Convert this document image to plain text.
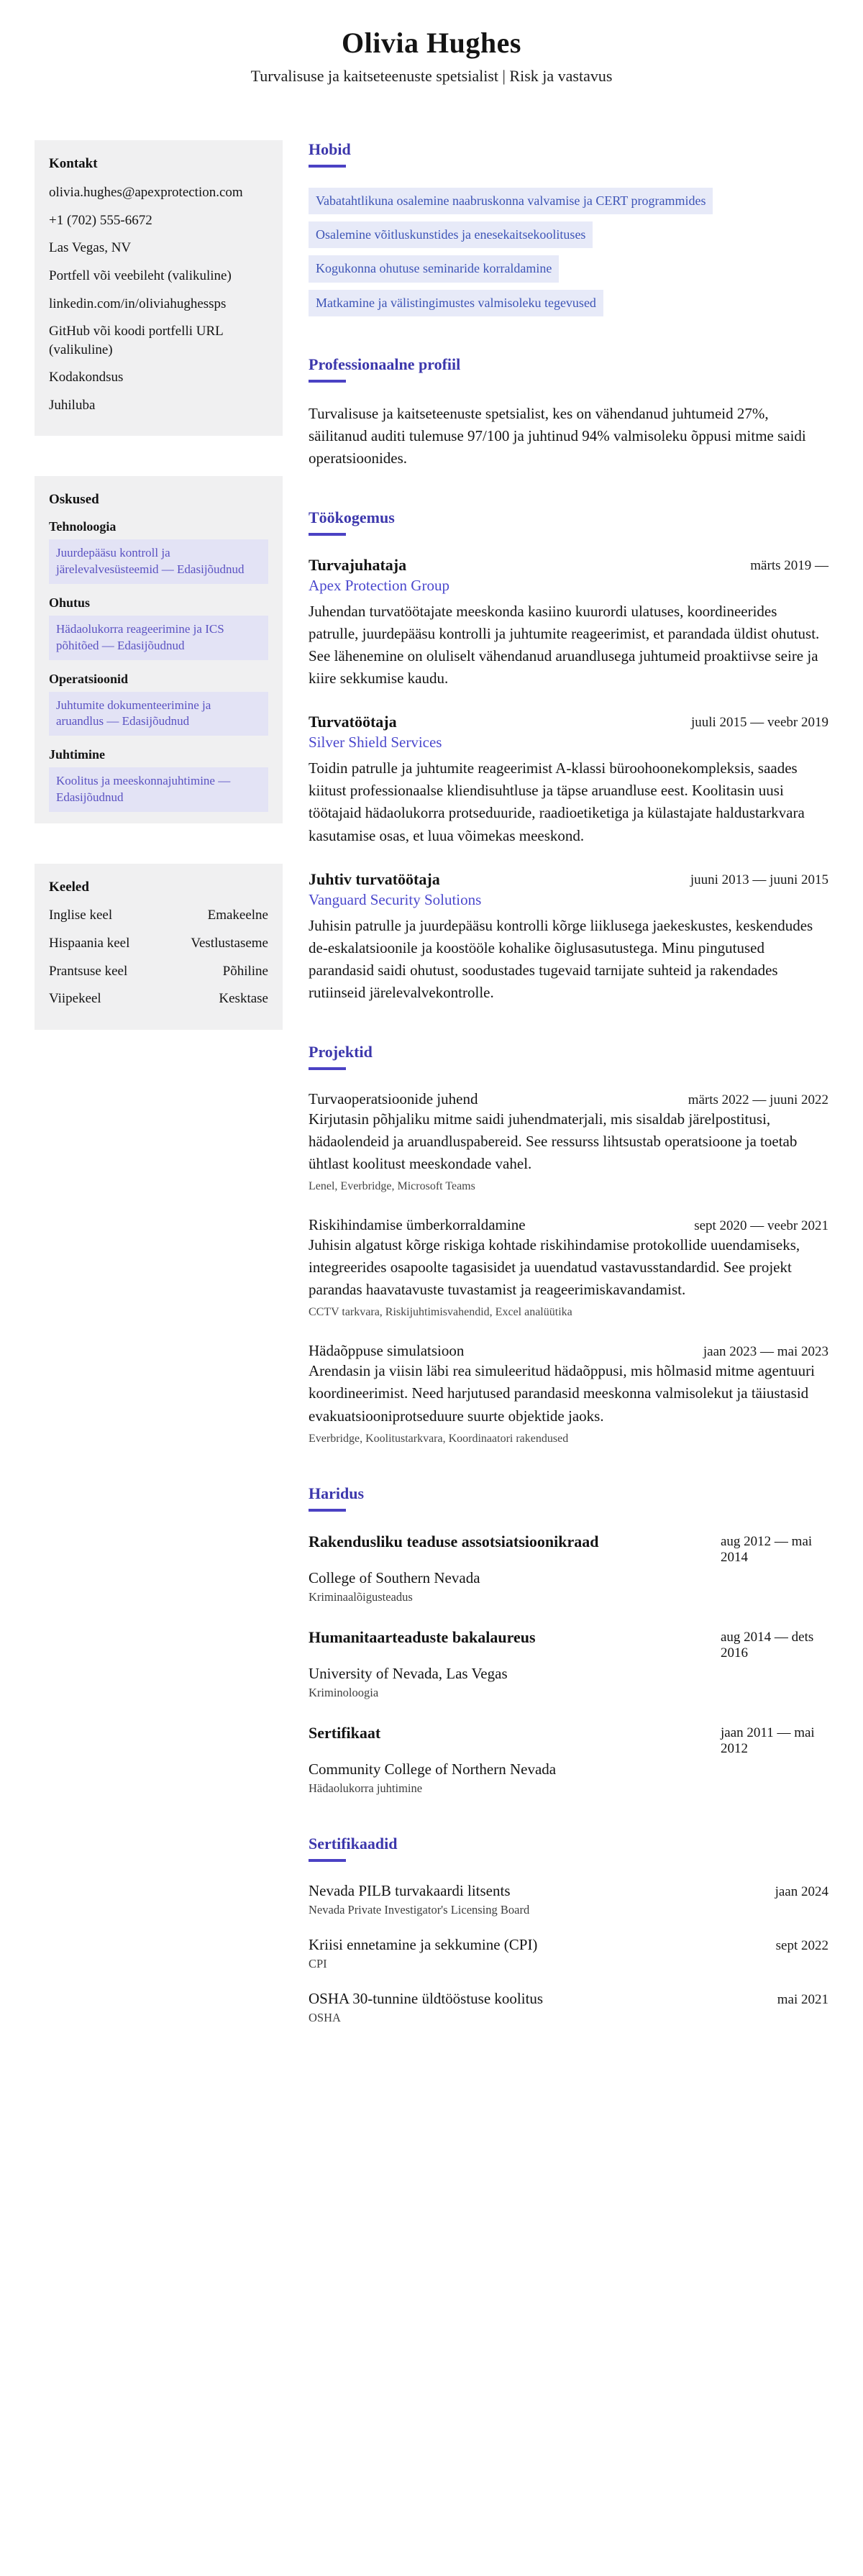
Olivia Hughes
Turvalisuse ja kaitseteenuste spetsialist | Risk ja vastavus
Kontakt
olivia.hughes@apexprotection.com
+1 (702) 555-6672
Las Vegas, NV
Portfell või veebileht (valikuline)
linkedin.com/in/oliviahughessps
GitHub või koodi portfelli URL (valikuline)
Kodakondsus
Juhiluba
Oskused
Tehnoloogia
Juurdepääsu kontroll ja järelevalvesüsteemid — Edasijõudnud
Ohutus
Hädaolukorra reageerimine ja ICS põhitõed — Edasijõudnud
Operatsioonid
Juhtumite dokumenteerimine ja aruandlus — Edasijõudnud
Juhtimine
Koolitus ja meeskonnajuhtimine — Edasijõudnud
Keeled
Inglise keel	Emakeelne
Hispaania keel	Vestlustaseme
Prantsuse keel	Põhiline
Viipekeel	Kesktase
Hobid
Vabatahtlikuna osalemine naabruskonna valvamise ja CERT programmides
Osalemine võitluskunstides ja enesekaitsekoolituses
Kogukonna ohutuse seminaride korraldamine
Matkamine ja välistingimustes valmisoleku tegevused
Professionaalne profiil

Turvalisuse ja kaitseteenuste spetsialist, kes on vähendanud juhtumeid 27%, säilitanud auditi tulemuse 97/100 ja juhtinud 94% valmisoleku õppusi mitme saidi operatsioonides.

Töökogemus
Turvajuhataja	märts 2019 —
Apex Protection Group

Juhendan turvatöötajate meeskonda kasiino kuurordi ulatuses, koordineerides patrulle, juurdepääsu kontrolli ja juhtumite reageerimist, et parandada üldist ohutust. See lähenemine on oluliselt vähendanud aruandlusega juhtumeid proaktiivse seire ja kiire sekkumise kaudu.

Turvatöötaja	juuli 2015 — veebr 2019
Silver Shield Services

Toidin patrulle ja juhtumite reageerimist A-klassi büroohoonekompleksis, saades kiitust professionaalse kliendisuhtluse ja täpse aruandluse eest. Koolitasin uusi töötajaid hädaolukorra protseduuride, raadioetiketiga ja külastajate haldustarkvara kasutamise osas, et luua võimekas meeskond.

Juhtiv turvatöötaja	juuni 2013 — juuni 2015
Vanguard Security Solutions

Juhisin patrulle ja juurdepääsu kontrolli kõrge liiklusega jaekeskustes, keskendudes de-eskalatsioonile ja koostööle kohalike õiglusasutustega. Minu pingutused parandasid saidi ohutust, soodustades tugevaid tarnijate suhteid ja rakendades rutiinseid järelevalvekontrolle.

Projektid
Turvaoperatsioonide juhend	märts 2022 — juuni 2022

Kirjutasin põhjaliku mitme saidi juhendmaterjali, mis sisaldab järelpostitusi, hädaolendeid ja aruandluspabereid. See ressurss lihtsustab operatsioone ja toetab ühtlast koolitust meeskondade vahel.

Lenel, Everbridge, Microsoft Teams
Riskihindamise ümberkorraldamine	sept 2020 — veebr 2021

Juhisin algatust kõrge riskiga kohtade riskihindamise protokollide uuendamiseks, integreerides osapoolte tagasisidet ja uuendatud vastavusstandardid. See projekt parandas haavatavuste tuvastamist ja reageerimiskavandamist.

CCTV tarkvara, Riskijuhtimisvahendid, Excel analüütika
Hädaõppuse simulatsioon	jaan 2023 — mai 2023

Arendasin ja viisin läbi rea simuleeritud hädaõppusi, mis hõlmasid mitme agentuuri koordineerimist. Need harjutused parandasid meeskonna valmisolekut ja täiustasid evakuatsiooniprotseduure suurte objektide jaoks.

Everbridge, Koolitustarkvara, Koordinaatori rakendused
Haridus
Rakendusliku teaduse assotsiatsioonikraad	aug 2012 — mai 2014
College of Southern Nevada
Kriminaalõigusteadus
Humanitaarteaduste bakalaureus	aug 2014 — dets 2016
University of Nevada, Las Vegas
Kriminoloogia
Sertifikaat	jaan 2011 — mai 2012
Community College of Northern Nevada
Hädaolukorra juhtimine
Sertifikaadid
Nevada PILB turvakaardi litsents	jaan 2024
Nevada Private Investigator's Licensing Board
Kriisi ennetamine ja sekkumine (CPI)	sept 2022
CPI
OSHA 30-tunnine üldtööstuse koolitus	mai 2021
OSHA
